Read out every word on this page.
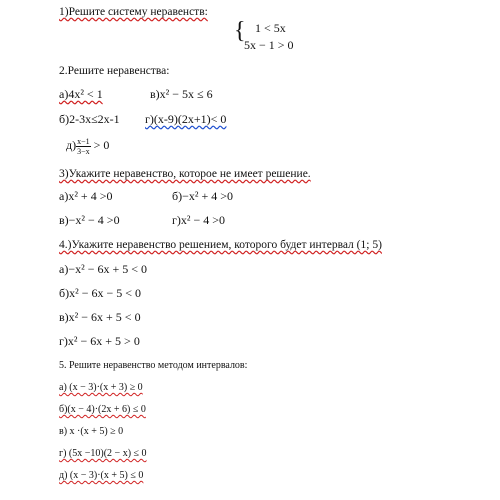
1)Решите систему неравенств:
{ 1 < 5x
5x − 1 > 0
2.Решите неравенства:
а)4x² < 1	в)x² − 5x ≤ 6
б)2-3x≤2x-1 г)(x-9)(2x+1)< 0
$д) \frac{x-1}{3-x} > 0$
3)Укажите неравенство, которое не имеет решение.
а)x² + 4 >0	б)−x² + 4 >0
в)−x² − 4 >0	г)x² − 4 >0
4.)Укажите неравенство решением, которого будет интервал (1; 5)
а)−x² − 6x + 5 < 0
б)x² − 6x − 5 < 0
в)x² − 6x + 5 < 0
г)x² − 6x + 5 > 0
5. Решите неравенство методом интервалов:
а) (x − 3)·(x + 3) ≥ 0
б)(x − 4)·(2x + 6) ≤ 0
в) x ·(x + 5) ≥ 0
г) (5x −10)(2 − x) ≤ 0
д) (x − 3)·(x + 5) ≤ 0
